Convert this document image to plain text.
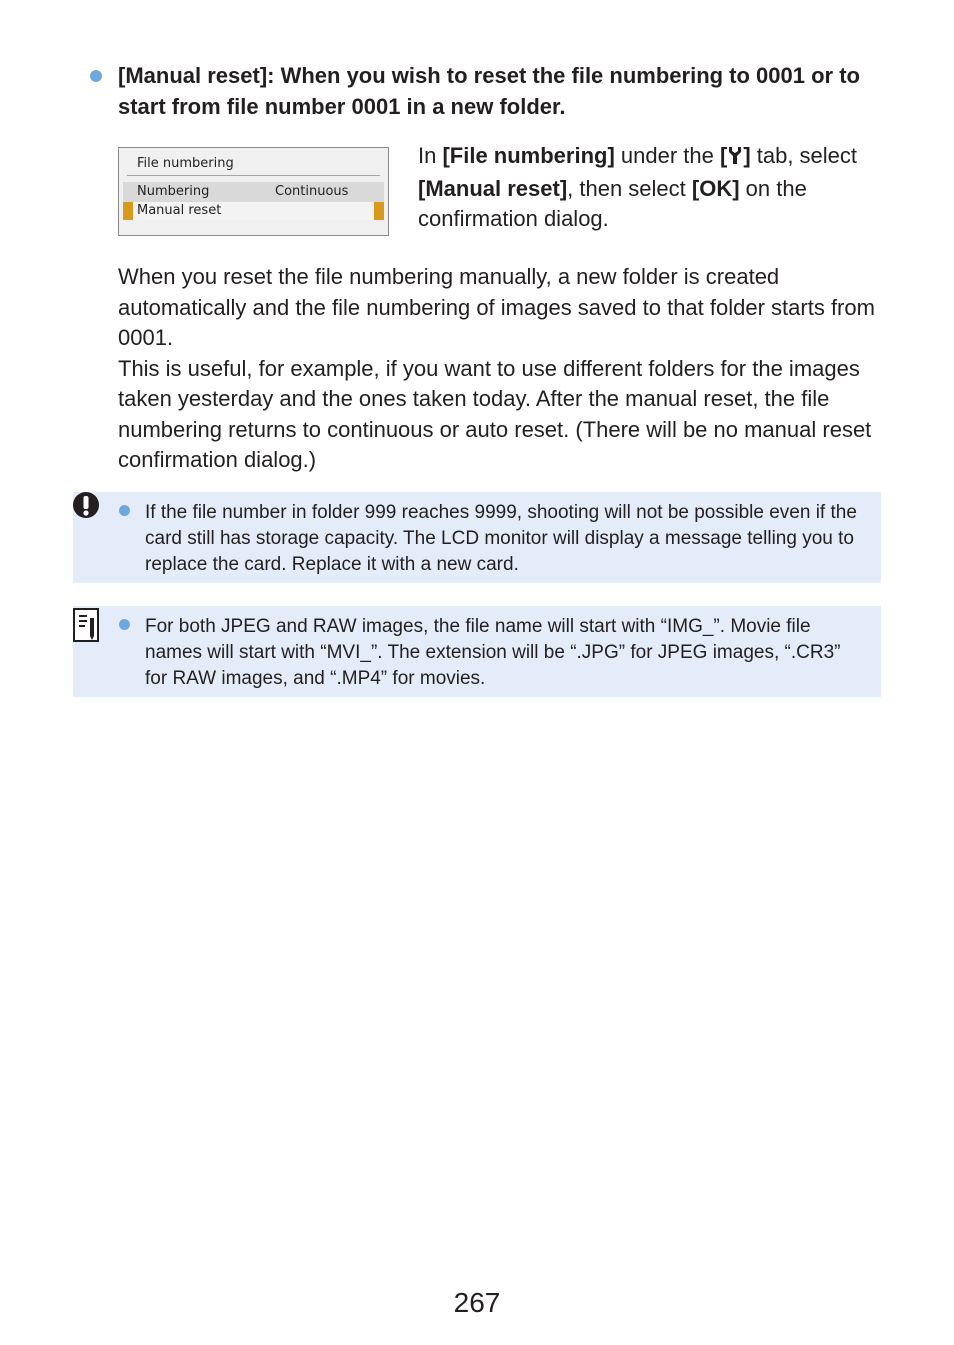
[Manual reset]: When you wish to reset the file numbering to 0001 or to start from file number 0001 in a new folder.
File numbering
Numbering	Continuous
Manual reset
In [File numbering] under the [ ] tab, select [Manual reset], then select [OK] on the confirmation dialog.

When you reset the file numbering manually, a new folder is created automatically and the file numbering of images saved to that folder starts from 0001.

This is useful, for example, if you want to use different folders for the images taken yesterday and the ones taken today. After the manual reset, the file numbering returns to continuous or auto reset. (There will be no manual reset confirmation dialog.)

If the file number in folder 999 reaches 9999, shooting will not be possible even if the card still has storage capacity. The LCD monitor will display a message telling you to replace the card. Replace it with a new card.
For both JPEG and RAW images, the file name will start with “IMG_”. Movie file names will start with “MVI_”. The extension will be “.JPG” for JPEG images, “.CR3” for RAW images, and “.MP4” for movies.
267
